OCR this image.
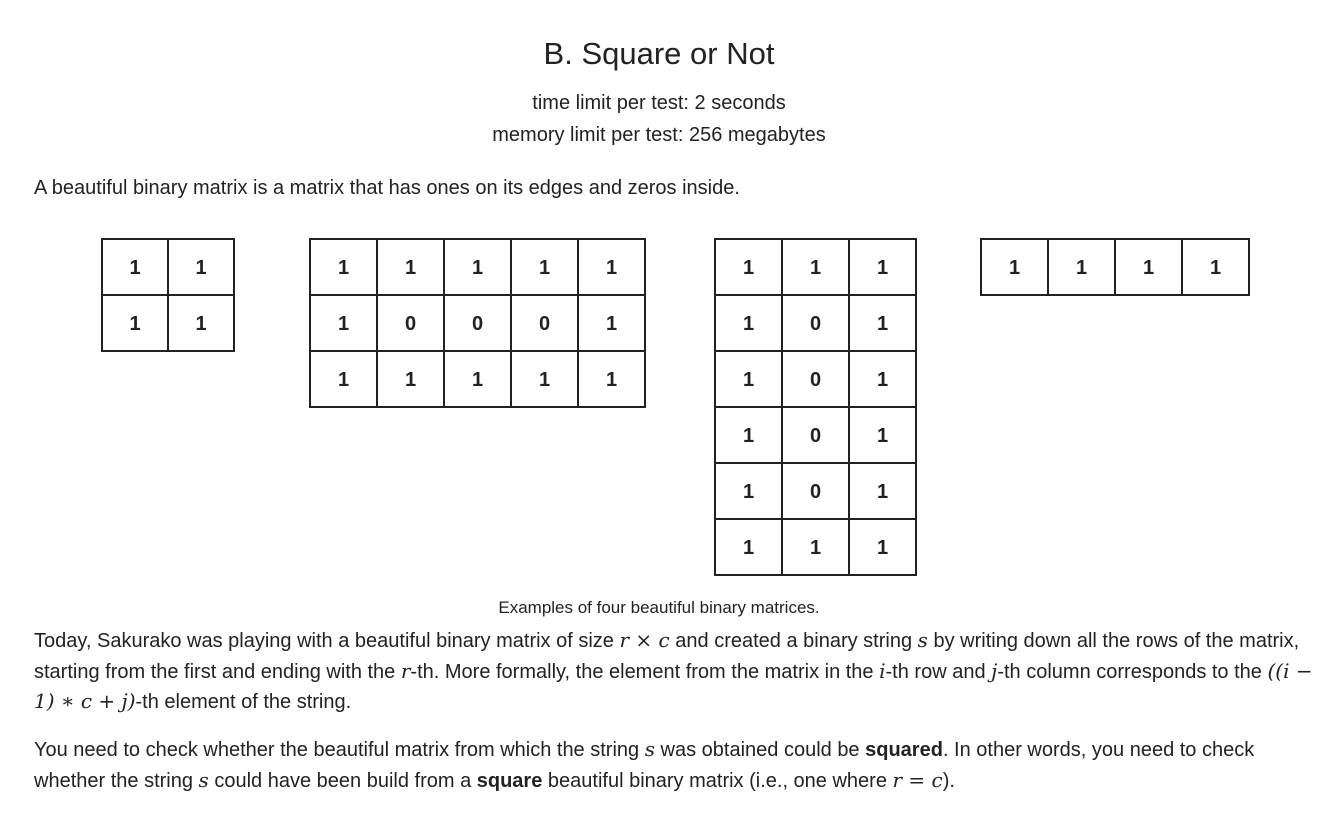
B. Square or Not
time limit per test: 2 seconds
memory limit per test: 256 megabytes
A beautiful binary matrix is a matrix that has ones on its edges and zeros inside.
1	1
1	1
1	1	1	1	1
1	0	0	0	1
1	1	1	1	1
1	1	1
1	0	1
1	0	1
1	0	1
1	0	1
1	1	1
1	1	1	1
Examples of four beautiful binary matrices.
Today, Sakurako was playing with a beautiful binary matrix of size r × c and created a binary string s by writing down all the rows of the matrix, starting from the first and ending with the r-th. More formally, the element from the matrix in the i-th row and j-th column corresponds to the ((i − 1) ∗ c + j)-th element of the string.
You need to check whether the beautiful matrix from which the string s was obtained could be squared. In other words, you need to check whether the string s could have been build from a square beautiful binary matrix (i.e., one where r = c).
